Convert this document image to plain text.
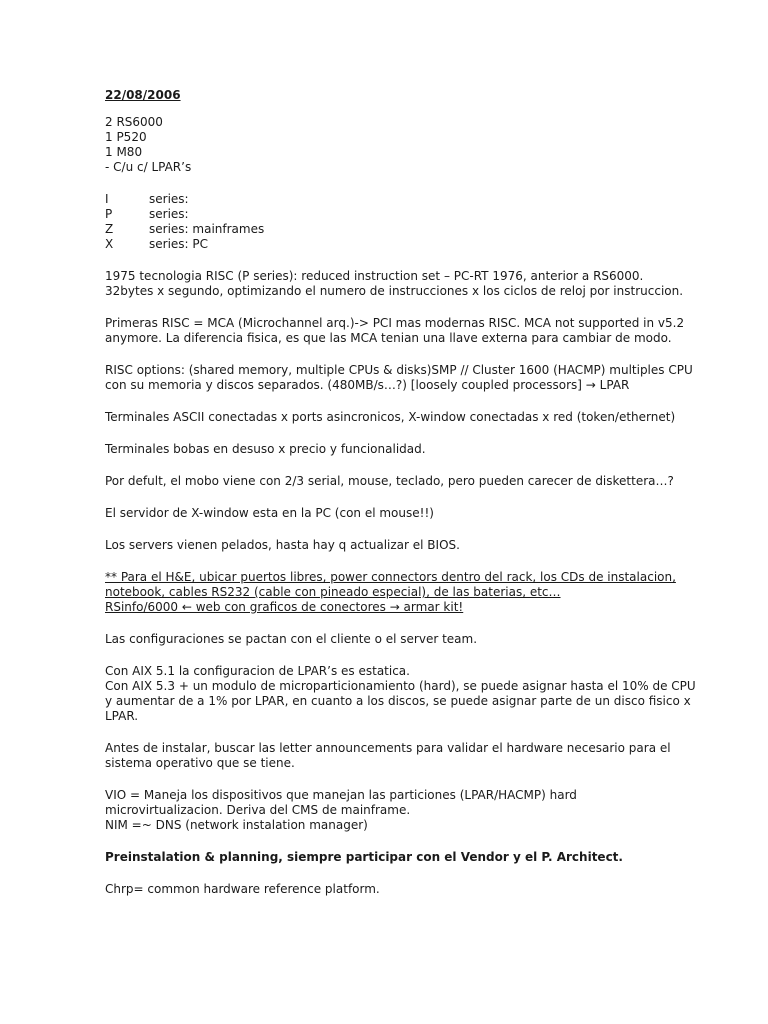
22/08/2006
2 RS6000
1 P520
1 M80
- C/u c/ LPAR’s
I	series:
P	series:
Z	series: mainframes
X	series: PC
1975 tecnologia RISC (P series): reduced instruction set – PC-RT 1976, anterior a RS6000.
32bytes x segundo, optimizando el numero de instrucciones x los ciclos de reloj por instruccion.
Primeras RISC = MCA (Microchannel arq.)-> PCI mas modernas RISC. MCA not supported in v5.2
anymore. La diferencia fisica, es que las MCA tenian una llave externa para cambiar de modo.
RISC options: (shared memory, multiple CPUs & disks)SMP // Cluster 1600 (HACMP) multiples CPU
con su memoria y discos separados. (480MB/s…?) [loosely coupled processors] → LPAR
Terminales ASCII conectadas x ports asincronicos, X-window conectadas x red (token/ethernet)
Terminales bobas en desuso x precio y funcionalidad.
Por defult, el mobo viene con 2/3 serial, mouse, teclado, pero pueden carecer de diskettera…?
El servidor de X-window esta en la PC (con el mouse!!)
Los servers vienen pelados, hasta hay q actualizar el BIOS.
** Para el H&E, ubicar puertos libres, power connectors dentro del rack, los CDs de instalacion,
notebook, cables RS232 (cable con pineado especial), de las baterias, etc…
RSinfo/6000 ← web con graficos de conectores → armar kit!
Las configuraciones se pactan con el cliente o el server team.
Con AIX 5.1 la configuracion de LPAR’s es estatica.
Con AIX 5.3 + un modulo de microparticionamiento (hard), se puede asignar hasta el 10% de CPU
y aumentar de a 1% por LPAR, en cuanto a los discos, se puede asignar parte de un disco fisico x
LPAR.
Antes de instalar, buscar las letter announcements para validar el hardware necesario para el
sistema operativo que se tiene.
VIO = Maneja los dispositivos que manejan las particiones (LPAR/HACMP) hard
microvirtualizacion. Deriva del CMS de mainframe.
NIM =~ DNS (network instalation manager)
Preinstalation & planning, siempre participar con el Vendor y el P. Architect.
Chrp= common hardware reference platform.
